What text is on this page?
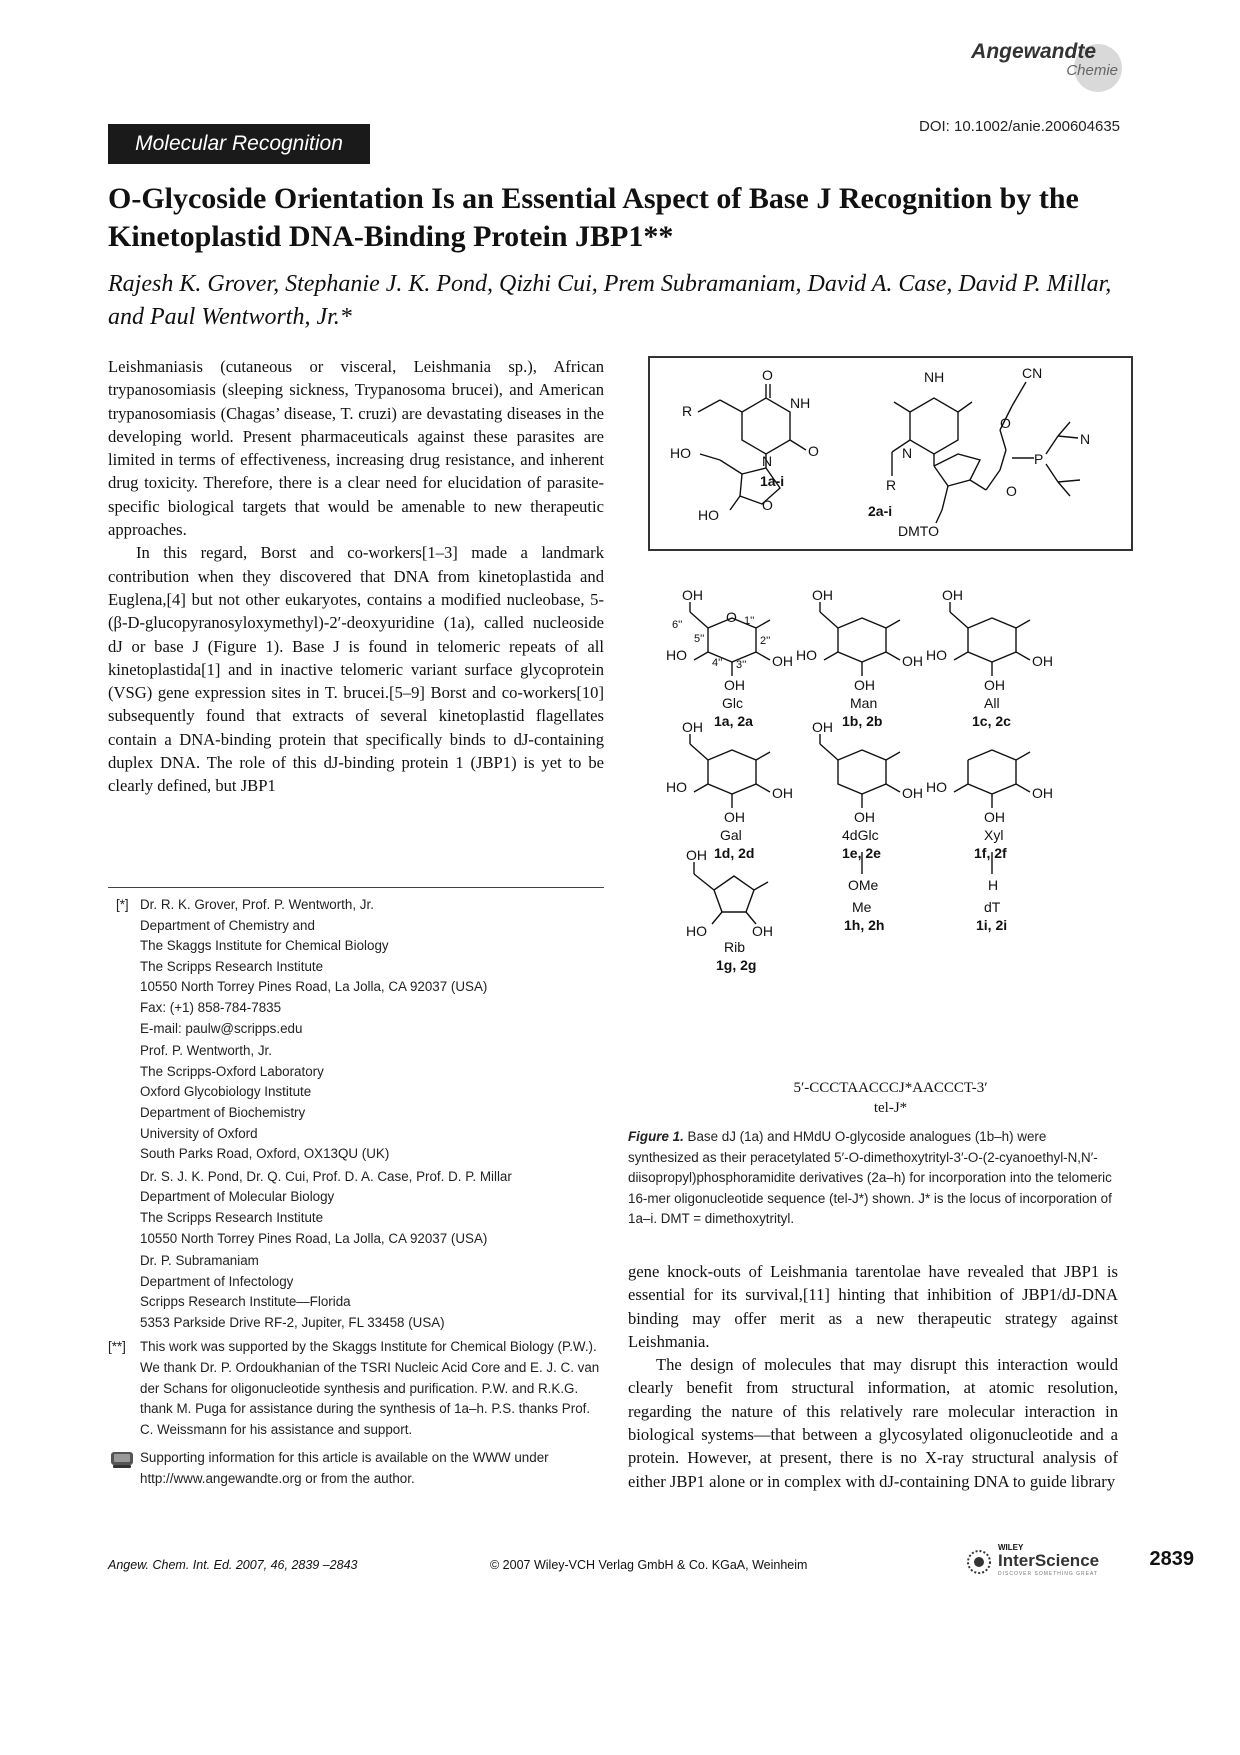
Angewandte
Chemie
Molecular Recognition
DOI: 10.1002/anie.200604635
O-Glycoside Orientation Is an Essential Aspect of Base J Recognition by the Kinetoplastid DNA-Binding Protein JBP1**
Rajesh K. Grover, Stephanie J. K. Pond, Qizhi Cui, Prem Subramaniam, David A. Case, David P. Millar, and Paul Wentworth, Jr.*

Leishmaniasis (cutaneous or visceral, Leishmania sp.), African trypanosomiasis (sleeping sickness, Trypanosoma brucei), and American trypanosomiasis (Chagas’ disease, T. cruzi) are devastating diseases in the developing world. Present pharmaceuticals against these parasites are limited in terms of effectiveness, increasing drug resistance, and inherent drug toxicity. Therefore, there is a clear need for elucidation of parasite-specific biological targets that would be amenable to new therapeutic approaches.

In this regard, Borst and co-workers[1–3] made a landmark contribution when they discovered that DNA from kinetoplastida and Euglena,[4] but not other eukaryotes, contains a modified nucleobase, 5-(β-D-glucopyranosyloxymethyl)-2′-deoxyuridine (1a), called nucleoside dJ or base J (Figure 1). Base J is found in telomeric repeats of all kinetoplastida[1] and in inactive telomeric variant surface glycoprotein (VSG) gene expression sites in T. brucei.[5–9] Borst and co-workers[10] subsequently found that extracts of several kinetoplastid flagellates contain a DNA-binding protein that specifically binds to dJ-containing duplex DNA. The role of this dJ-binding protein 1 (JBP1) is yet to be clearly defined, but JBP1

[*] Dr. R. K. Grover, Prof. P. Wentworth, Jr.
Department of Chemistry and
The Skaggs Institute for Chemical Biology
The Scripps Research Institute
10550 North Torrey Pines Road, La Jolla, CA 92037 (USA)
Fax: (+1) 858-784-7835
E-mail: paulw@scripps.edu
Prof. P. Wentworth, Jr.
The Scripps-Oxford Laboratory
Oxford Glycobiology Institute
Department of Biochemistry
University of Oxford
South Parks Road, Oxford, OX13QU (UK)
Dr. S. J. K. Pond, Dr. Q. Cui, Prof. D. A. Case, Prof. D. P. Millar
Department of Molecular Biology
The Scripps Research Institute
10550 North Torrey Pines Road, La Jolla, CA 92037 (USA)
Dr. P. Subramaniam
Department of Infectology
Scripps Research Institute—Florida
5353 Parkside Drive RF-2, Jupiter, FL 33458 (USA)
[**] This work was supported by the Skaggs Institute for Chemical Biology (P.W.). We thank Dr. P. Ordoukhanian of the TSRI Nucleic Acid Core and E. J. C. van der Schans for oligonucleotide synthesis and purification. P.W. and R.K.G. thank M. Puga for assistance during the synthesis of 1a–h. P.S. thanks Prof. C. Weissmann for his assistance and support.
Supporting information for this article is available on the WWW under http://www.angewandte.org or from the author.
O
NH
O
N
R
HO
HO
O
1a-i
NH
N
R
2a-i
CN
P
N
O
O
DMTO
OH
HO	OH
OH
O
6''
5''
1''
2''
4'' 3''
Glc
1a, 2a
OH
HO	OH
OH
Man
1b, 2b
OH
HO	OH
OH
All
1c, 2c
OH
HO	OH
OH
Gal
1d, 2d
OH
OH
OH
4dGlc
1e, 2e
HO	OH
OH
Xyl
1f, 2f
OH
HO	OH
Rib
1g, 2g
OMe
Me
1h, 2h
H
dT
1i, 2i
5′-CCCTAACCCJ*AACCCT-3′
tel-J*
Figure 1. Base dJ (1a) and HMdU O-glycoside analogues (1b–h) were synthesized as their peracetylated 5′-O-dimethoxytrityl-3′-O-(2-cyanoethyl-N,N′-diisopropyl)phosphoramidite derivatives (2a–h) for incorporation into the telomeric 16-mer oligonucleotide sequence (tel-J*) shown. J* is the locus of incorporation of 1a–i. DMT = dimethoxytrityl.

gene knock-outs of Leishmania tarentolae have revealed that JBP1 is essential for its survival,[11] hinting that inhibition of JBP1/dJ-DNA binding may offer merit as a new therapeutic strategy against Leishmania.

The design of molecules that may disrupt this interaction would clearly benefit from structural information, at atomic resolution, regarding the nature of this relatively rare molecular interaction in biological systems—that between a glycosylated oligonucleotide and a protein. However, at present, there is no X-ray structural analysis of either JBP1 alone or in complex with dJ-containing DNA to guide library

Angew. Chem. Int. Ed. 2007, 46, 2839 –2843	© 2007 Wiley-VCH Verlag GmbH & Co. KGaA, Weinheim
WILEY
InterScience
DISCOVER SOMETHING GREAT
2839
